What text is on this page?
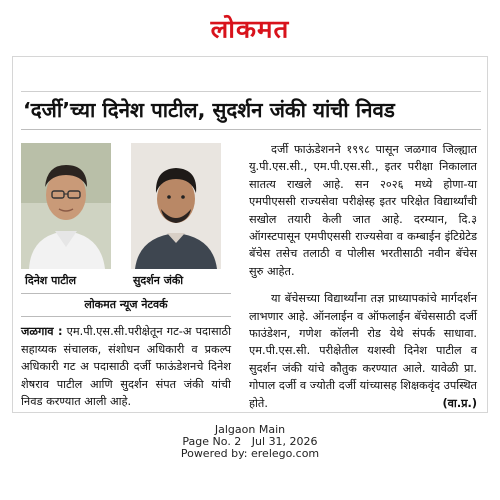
लोकमत
‘दर्जी’च्या दिनेश पाटील, सुदर्शन जंकी यांची निवड
दिनेश पाटील	सुदर्शन जंकी
लोकमत न्यूज नेटवर्क
जळगाव : एम.पी.एस.सी.परीक्षेतून गट-अ पदासाठी सहाय्यक संचालक, संशोधन अधिकारी व प्रकल्प अधिकारी गट अ पदासाठी दर्जी फाऊंडेशनचे दिनेश शेषराव पाटील आणि सुदर्शन संपत जंकी यांची निवड करण्यात आली आहे.

दर्जी फाऊंडेशनने १९९८ पासून जळगाव जिल्ह्यात यु.पी.एस.सी., एम.पी.एस.सी., इतर परीक्षा निकालात सातत्य राखले आहे. सन २०२६ मध्ये होणा-या एमपीएससी राज्यसेवा परीक्षेस्ह इतर परिक्षेत विद्यार्थ्यांची सखोल तयारी केली जात आहे. दरम्यान, दि.३ ऑगस्टपासून एमपीएससी राज्यसेवा व कम्बाईन इंटिग्रेटेड बॅचेस तसेच तलाठी व पोलीस भरतीसाठी नवीन बॅचेस सुरु आहेत.

या बॅचेसच्या विद्यार्थ्यांना तज्ञ प्राध्यापकांचे मार्गदर्शन लाभणार आहे. ऑनलाईन व ऑफलाईन बॅचेससाठी दर्जी फाउंडेशन, गणेश कॉलनी रोड येथे संपर्क साधावा. एम.पी.एस.सी. परीक्षेतील यशस्वी दिनेश पाटील व सुदर्शन जंकी यांचे कौतुक करण्यात आले. यावेळी प्रा. गोपाल दर्जी व ज्योती दर्जी यांच्यासह शिक्षकवृंद उपस्थित होते.	(वा.प्र.)

Jalgaon Main
Page No. 2   Jul 31, 2026
Powered by: erelego.com
